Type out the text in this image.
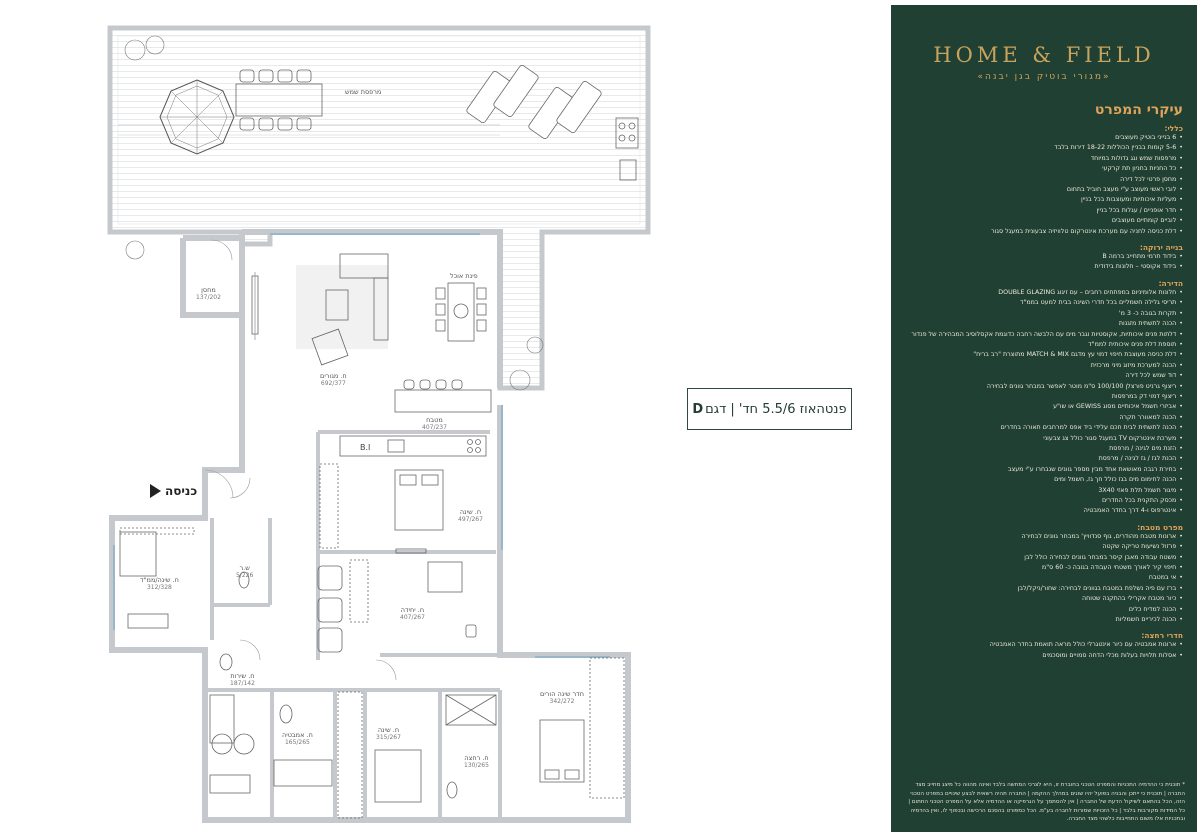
B.I
מרפסת שמש
מחסן
137/202
פינת אוכל
ח. מגורים
692/377
מטבח
407/237
ח. שינה
497/267
ח. יחידה
407/267
ח. שינה/ממ"ד
312/328
ש.ר
5/226
ח. שירות
187/142
ח. אמבטיה
165/265
ח. שינה
315/267
ח. רחצה
130/265
חדר שינה הורים
342/272
פנטהאוז 5.5/6 חד' | דגם
D
כניסה
HOME & FIELD
«מגורי בוטיק בגן יבנה»
עיקרי המפרט
כללי:
• 6 בנייני בוטיק מעוצבים
• 5-6 קומות בבניין הכוללות 18-22 דירות בלבד
• מרפסות שמש וגג גדולות במיוחד
• כל החניות בחניון תת קרקעי
• מחסן פרטי לכל דירה
• לובי ראשי מעוצב ע"י מעצב חוביל בתחום
• מעליות איכותיות ומעוצבות בכל בניין
• חדר אופניים / עגלות בכל בניין
• לוביים קומתיים מעוצבים
• דלת כניסה לחניה עם מערכת אינטרקום טלוויזיה צבעונית במעגל סגור
בנייה ירוקה:
• בידוד תרמי מתחייב ברמה B
• בידוד אקוסטי – חלונות בידודית
הדירה:
• חלונות אלומיניום במפתחים רחבים – עם זיגוג DOUBLE GLAZING
• תריסי גלילה חשמליים בכל חדרי השינה בבית למעט בממ"ד
• תקרות בגובה כ- 3 מ'
• הכנה לתשתית מזגנות
• דלתות פנים איכותיות, אקוסטיות וגבר מים עם הלבשה רחבה כדוגמת אקסלוסיב המבהירה של פנדור
• תוספת דלת פנים איכותית לממ"ד
• דלת כניסה מעוצבת חיפוי דמוי עץ מדגם MATCH & MIX מתוצרת "רב בריח"
• הכנה למערכת מיזוג מיני מרכזית
• דוד שמש לכל דירה
• ריצוף גרניט פורצלן 100/100 ס"מ מוטר לאפשר במבחר גוונים לבחירה
• ריצוף דמוי דק במרפסות
• אביזרי חשמל איכותיים מסוג GEWISS או שו"ע
• הכנה למאוורר תקרה
• הכנה לתשתית לבית חכם עלידי ביד אפס למרחבים תאורה בחדרים
• מערכת אינטרקום TV במעגל סגור כולל צג צבעוני
• הזנת מים לגינה / מרפסת
• הכנת לגז / גז לגינה / מרפסת
• בחירת רגבה מאושאת אחד מבין מספר גוונים שנבחרו ע"י מעצב
• הכנה לחימום מים בגז כולל חך גז, חשמל ומים
• מיגור חשמל תלת פאזי 3X40
• מכסק התקנית בכל החדרים
• אינטרפוס ו-4 דרך בחדר האמבטיה
מפרט מטבח:
• ארונות מטבח מהודרים, גוף סנדוויץ' במבחר גוונים לבחירה
• פרזול נשיעות טריקה שקטה
• משטח עבודה מאבן קיסר במבחר גוונים לבחירה כולל לבן
• חיפוי קיר לאורך משטחי העבודה בגובה כ- 60 ס"מ
• אי במטבח
• ברז עם פיה נשלפת במטבח בגוונים לבחירה: שחור/ניקל/לבן
• כיור מטבח אקרילי בהתקנה שטוחה
• הכנה למדיח כלים
• הכנה לכיריים חשמליות
חדרי רחצה:
• ארונות אמבטיה עם כיור אינטגרלי כולל מראה תואמת בחדר האמבטיה
• אסלות תלויות בעלות מכלי הדחה סמויים ומוסכמים
* תוכנית כי ההדמיה התכניות והמפרט הטכני בחוברת זו, היא לצרכי המחשה בלבד ואינה מהווה כל מיצג מחייב מצד החברה | תוכנית כי ייתכן והבניה בפועל יהיו שונים במהלך ההקמה | החברה תהיה רשאית לבצע שינויים במפרט הטכני הזה, הכל בהתאם לשיקול הדעת של החברה | אין להסתמך על הגרפיקה או ההדמיה אלא על המפרט הטכני החתום | כל המידות מקורבות בלבד | כל הזכויות שמורות לחברה בע"מ. הכל כמפורט בהסכם הרכישה ובכפוף לו, ואין בהדמיה ובתכניות אלו משום התחייבות כלשהי מצד החברה.
